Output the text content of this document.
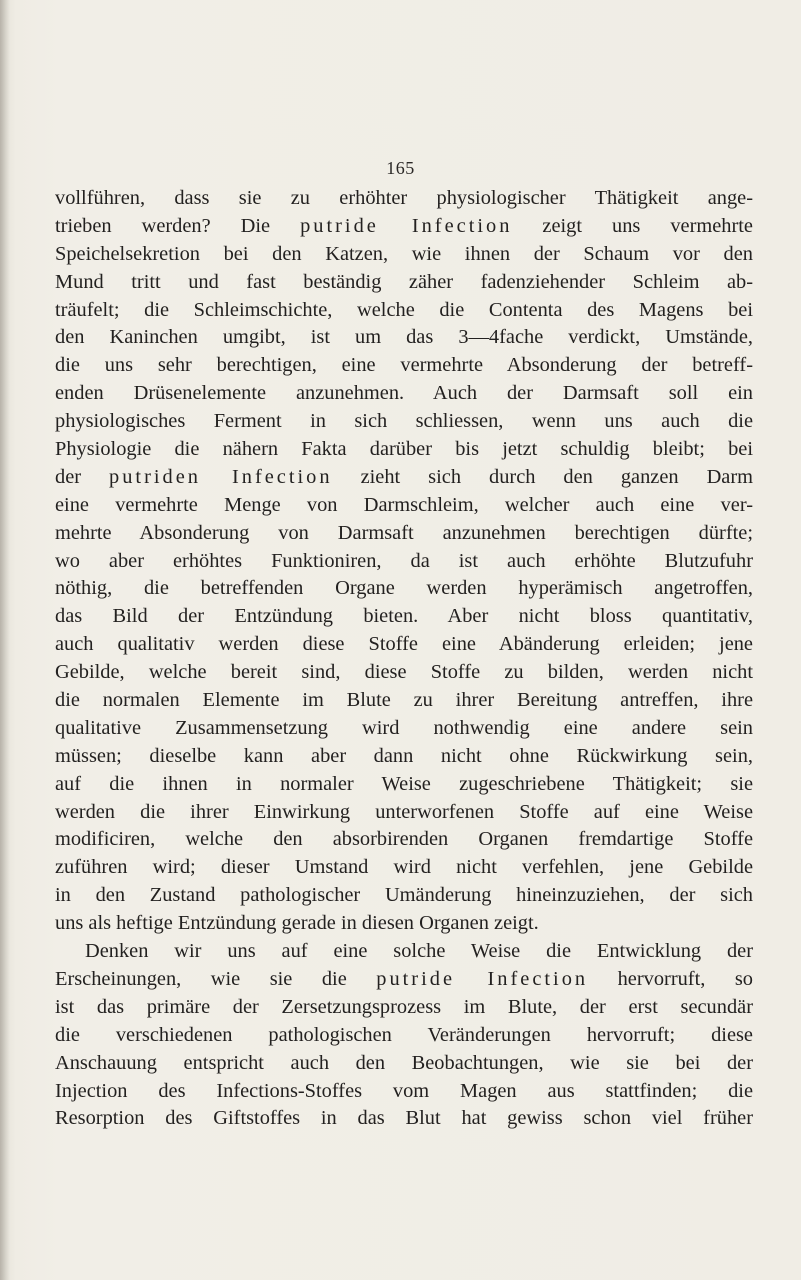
165
vollführen, dass sie zu erhöhter physiologischer Thätigkeit ange-
trieben werden? Die putride Infection zeigt uns vermehrte
Speichelsekretion bei den Katzen, wie ihnen der Schaum vor den
Mund tritt und fast beständig zäher fadenziehender Schleim ab-
träufelt; die Schleimschichte, welche die Contenta des Magens bei
den Kaninchen umgibt, ist um das 3—4fache verdickt, Umstände,
die uns sehr berechtigen, eine vermehrte Absonderung der betreff-
enden Drüsenelemente anzunehmen. Auch der Darmsaft soll ein
physiologisches Ferment in sich schliessen, wenn uns auch die
Physiologie die nähern Fakta darüber bis jetzt schuldig bleibt; bei
der putriden Infection zieht sich durch den ganzen Darm
eine vermehrte Menge von Darmschleim, welcher auch eine ver-
mehrte Absonderung von Darmsaft anzunehmen berechtigen dürfte;
wo aber erhöhtes Funktioniren, da ist auch erhöhte Blutzufuhr
nöthig, die betreffenden Organe werden hyperämisch angetroffen,
das Bild der Entzündung bieten. Aber nicht bloss quantitativ,
auch qualitativ werden diese Stoffe eine Abänderung erleiden; jene
Gebilde, welche bereit sind, diese Stoffe zu bilden, werden nicht
die normalen Elemente im Blute zu ihrer Bereitung antreffen, ihre
qualitative Zusammensetzung wird nothwendig eine andere sein
müssen; dieselbe kann aber dann nicht ohne Rückwirkung sein,
auf die ihnen in normaler Weise zugeschriebene Thätigkeit; sie
werden die ihrer Einwirkung unterworfenen Stoffe auf eine Weise
modificiren, welche den absorbirenden Organen fremdartige Stoffe
zuführen wird; dieser Umstand wird nicht verfehlen, jene Gebilde
in den Zustand pathologischer Umänderung hineinzuziehen, der sich
uns als heftige Entzündung gerade in diesen Organen zeigt.
Denken wir uns auf eine solche Weise die Entwicklung der
Erscheinungen, wie sie die putride Infection hervorruft, so
ist das primäre der Zersetzungsprozess im Blute, der erst secundär
die verschiedenen pathologischen Veränderungen hervorruft; diese
Anschauung entspricht auch den Beobachtungen, wie sie bei der
Injection des Infections-Stoffes vom Magen aus stattfinden; die
Resorption des Giftstoffes in das Blut hat gewiss schon viel früher
